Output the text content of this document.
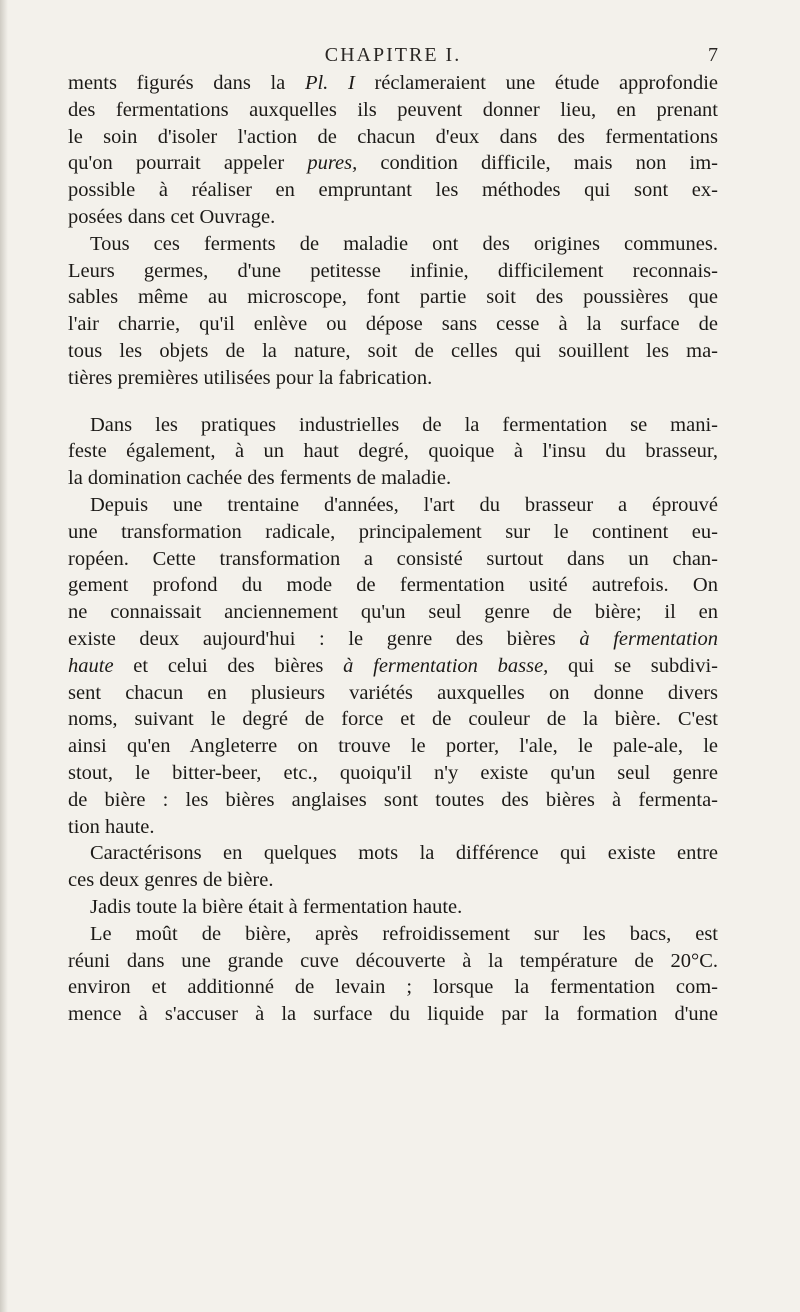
CHAPITRE I.	7
ments figurés dans la Pl. I réclameraient une étude approfondie
des fermentations auxquelles ils peuvent donner lieu, en prenant
le soin d'isoler l'action de chacun d'eux dans des fermentations
qu'on pourrait appeler pures, condition difficile, mais non im-
possible à réaliser en empruntant les méthodes qui sont ex-
posées dans cet Ouvrage.
Tous ces ferments de maladie ont des origines communes.
Leurs germes, d'une petitesse infinie, difficilement reconnais-
sables même au microscope, font partie soit des poussières que
l'air charrie, qu'il enlève ou dépose sans cesse à la surface de
tous les objets de la nature, soit de celles qui souillent les ma-
tières premières utilisées pour la fabrication.
Dans les pratiques industrielles de la fermentation se mani-
feste également, à un haut degré, quoique à l'insu du brasseur,
la domination cachée des ferments de maladie.
Depuis une trentaine d'années, l'art du brasseur a éprouvé
une transformation radicale, principalement sur le continent eu-
ropéen. Cette transformation a consisté surtout dans un chan-
gement profond du mode de fermentation usité autrefois. On
ne connaissait anciennement qu'un seul genre de bière; il en
existe deux aujourd'hui : le genre des bières à fermentation
haute et celui des bières à fermentation basse, qui se subdivi-
sent chacun en plusieurs variétés auxquelles on donne divers
noms, suivant le degré de force et de couleur de la bière. C'est
ainsi qu'en Angleterre on trouve le porter, l'ale, le pale-ale, le
stout, le bitter-beer, etc., quoiqu'il n'y existe qu'un seul genre
de bière : les bières anglaises sont toutes des bières à fermenta-
tion haute.
Caractérisons en quelques mots la différence qui existe entre
ces deux genres de bière.
Jadis toute la bière était à fermentation haute.
Le moût de bière, après refroidissement sur les bacs, est
réuni dans une grande cuve découverte à la température de 20°C.
environ et additionné de levain ; lorsque la fermentation com-
mence à s'accuser à la surface du liquide par la formation d'une
